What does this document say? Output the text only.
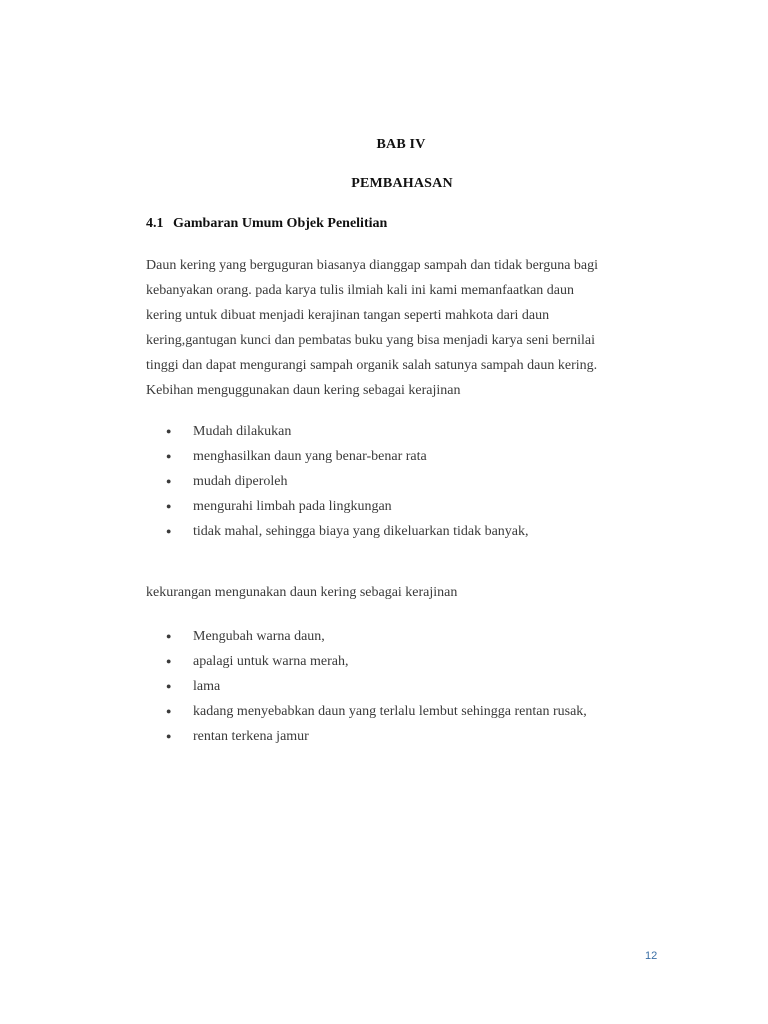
BAB IV
PEMBAHASAN
4.1 Gambaran Umum Objek Penelitian
Daun kering yang berguguran biasanya dianggap sampah dan tidak berguna bagi
kebanyakan orang. pada karya tulis ilmiah kali ini kami memanfaatkan daun
kering untuk dibuat menjadi kerajinan tangan seperti mahkota dari daun
kering,gantugan kunci dan pembatas buku yang bisa menjadi karya seni bernilai
tinggi dan dapat mengurangi sampah organik salah satunya sampah daun kering.
Kebihan menguggunakan daun kering sebagai kerajinan
● Mudah dilakukan
● menghasilkan daun yang benar-benar rata
● mudah diperoleh
● mengurahi limbah pada lingkungan
● tidak mahal, sehingga biaya yang dikeluarkan tidak banyak,
kekurangan mengunakan daun kering sebagai kerajinan
● Mengubah warna daun,
● apalagi untuk warna merah,
● lama
● kadang menyebabkan daun yang terlalu lembut sehingga rentan rusak,
● rentan terkena jamur
12
